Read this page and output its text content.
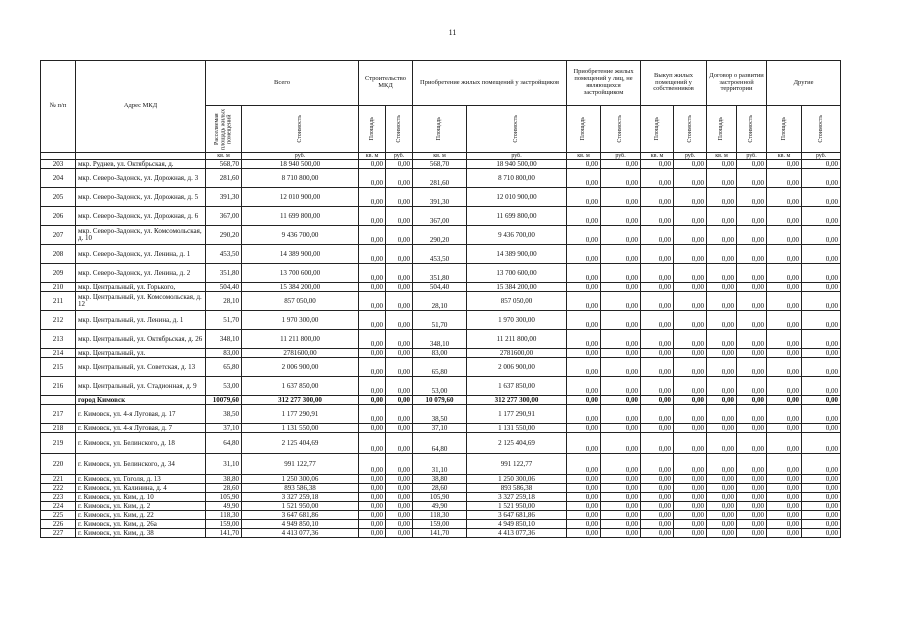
11
№ п/п	Адрес МКД	Всего		Строительство МКД		Приобретение жилых помещений у застройщиков		Приобретение жилых помещений у лиц, не являющихся застройщиком		Выкуп жилых помещений у собственников		Договор о развитии застроенной территории		Другие	

		Расселяемая площадь жилых помещений	Стоимость	Площадь	Стоимость	Площадь	Стоимость	Площадь	Стоимость	Площадь	Стоимость	Площадь	Стоимость	Площадь	Стоимость

		кв. м	руб.	кв. м	руб.	кв. м	руб.	кв. м	руб.	кв. м	руб.	кв. м	руб.	кв. м	руб.
203	мкр. Руднев, ул. Октябрьская, д.	568,70	18 940 500,00	0,00	0,00	568,70	18 940 500,00	0,00	0,00	0,00	0,00	0,00	0,00	0,00	0,00
204	мкр. Северо-Задонск, ул. Дорожная, д. 3	281,60	8 710 800,00	0,00	0,00	281,60	8 710 800,00	0,00	0,00	0,00	0,00	0,00	0,00	0,00	0,00
205	мкр. Северо-Задонск, ул. Дорожная, д. 5	391,30	12 010 900,00	0,00	0,00	391,30	12 010 900,00	0,00	0,00	0,00	0,00	0,00	0,00	0,00	0,00
206	мкр. Северо-Задонск, ул. Дорожная, д. 6	367,00	11 699 800,00	0,00	0,00	367,00	11 699 800,00	0,00	0,00	0,00	0,00	0,00	0,00	0,00	0,00
207	мкр. Северо-Задонск, ул. Комсомольская, д. 10	290,20	9 436 700,00	0,00	0,00	290,20	9 436 700,00	0,00	0,00	0,00	0,00	0,00	0,00	0,00	0,00
208	мкр. Северо-Задонск, ул. Ленина, д. 1	453,50	14 389 900,00	0,00	0,00	453,50	14 389 900,00	0,00	0,00	0,00	0,00	0,00	0,00	0,00	0,00
209	мкр. Северо-Задонск, ул. Ленина, д. 2	351,80	13 700 600,00	0,00	0,00	351,80	13 700 600,00	0,00	0,00	0,00	0,00	0,00	0,00	0,00	0,00
210	мкр. Центральный, ул. Горького,	504,40	15 384 200,00	0,00	0,00	504,40	15 384 200,00	0,00	0,00	0,00	0,00	0,00	0,00	0,00	0,00
211	мкр. Центральный, ул. Комсомольская, д. 12	28,10	857 050,00	0,00	0,00	28,10	857 050,00	0,00	0,00	0,00	0,00	0,00	0,00	0,00	0,00
212	мкр. Центральный, ул. Ленина, д. 1	51,70	1 970 300,00	0,00	0,00	51,70	1 970 300,00	0,00	0,00	0,00	0,00	0,00	0,00	0,00	0,00
213	мкр. Центральный, ул. Октябрьская, д. 26	348,10	11 211 800,00	0,00	0,00	348,10	11 211 800,00	0,00	0,00	0,00	0,00	0,00	0,00	0,00	0,00
214	мкр. Центральный, ул.	83,00	2781600,00	0,00	0,00	83,00	2781600,00	0,00	0,00	0,00	0,00	0,00	0,00	0,00	0,00
215	мкр. Центральный, ул. Советская, д. 13	65,80	2 006 900,00	0,00	0,00	65,80	2 006 900,00	0,00	0,00	0,00	0,00	0,00	0,00	0,00	0,00
216	мкр. Центральный, ул. Стадионная, д. 9	53,00	1 637 850,00	0,00	0,00	53,00	1 637 850,00	0,00	0,00	0,00	0,00	0,00	0,00	0,00	0,00
	город Кимовск	10079,60	312 277 300,00	0,00	0,00	10 079,60	312 277 300,00	0,00	0,00	0,00	0,00	0,00	0,00	0,00	0,00
217	г. Кимовск, ул. 4-я Луговая, д. 17	38,50	1 177 290,91	0,00	0,00	38,50	1 177 290,91	0,00	0,00	0,00	0,00	0,00	0,00	0,00	0,00
218	г. Кимовск, ул. 4-я Луговая, д. 7	37,10	1 131 550,00	0,00	0,00	37,10	1 131 550,00	0,00	0,00	0,00	0,00	0,00	0,00	0,00	0,00
219	г. Кимовск, ул. Белинского, д. 18	64,80	2 125 404,69	0,00	0,00	64,80	2 125 404,69	0,00	0,00	0,00	0,00	0,00	0,00	0,00	0,00
220	г. Кимовск, ул. Белинского, д. 34	31,10	991 122,77	0,00	0,00	31,10	991 122,77	0,00	0,00	0,00	0,00	0,00	0,00	0,00	0,00
221	г. Кимовск, ул. Гоголя, д. 13	38,80	1 250 300,06	0,00	0,00	38,80	1 250 300,06	0,00	0,00	0,00	0,00	0,00	0,00	0,00	0,00
222	г. Кимовск, ул. Калинина, д. 4	28,60	893 586,38	0,00	0,00	28,60	893 586,38	0,00	0,00	0,00	0,00	0,00	0,00	0,00	0,00
223	г. Кимовск, ул. Ким, д. 10	105,90	3 327 259,18	0,00	0,00	105,90	3 327 259,18	0,00	0,00	0,00	0,00	0,00	0,00	0,00	0,00
224	г. Кимовск, ул. Ким, д. 2	49,90	1 521 950,00	0,00	0,00	49,90	1 521 950,00	0,00	0,00	0,00	0,00	0,00	0,00	0,00	0,00
225	г. Кимовск, ул. Ким, д. 22	118,30	3 647 681,86	0,00	0,00	118,30	3 647 681,86	0,00	0,00	0,00	0,00	0,00	0,00	0,00	0,00
226	г. Кимовск, ул. Ким, д. 26а	159,00	4 949 850,10	0,00	0,00	159,00	4 949 850,10	0,00	0,00	0,00	0,00	0,00	0,00	0,00	0,00
227	г. Кимовск, ул. Ким, д. 38	141,70	4 413 077,36	0,00	0,00	141,70	4 413 077,36	0,00	0,00	0,00	0,00	0,00	0,00	0,00	0,00
